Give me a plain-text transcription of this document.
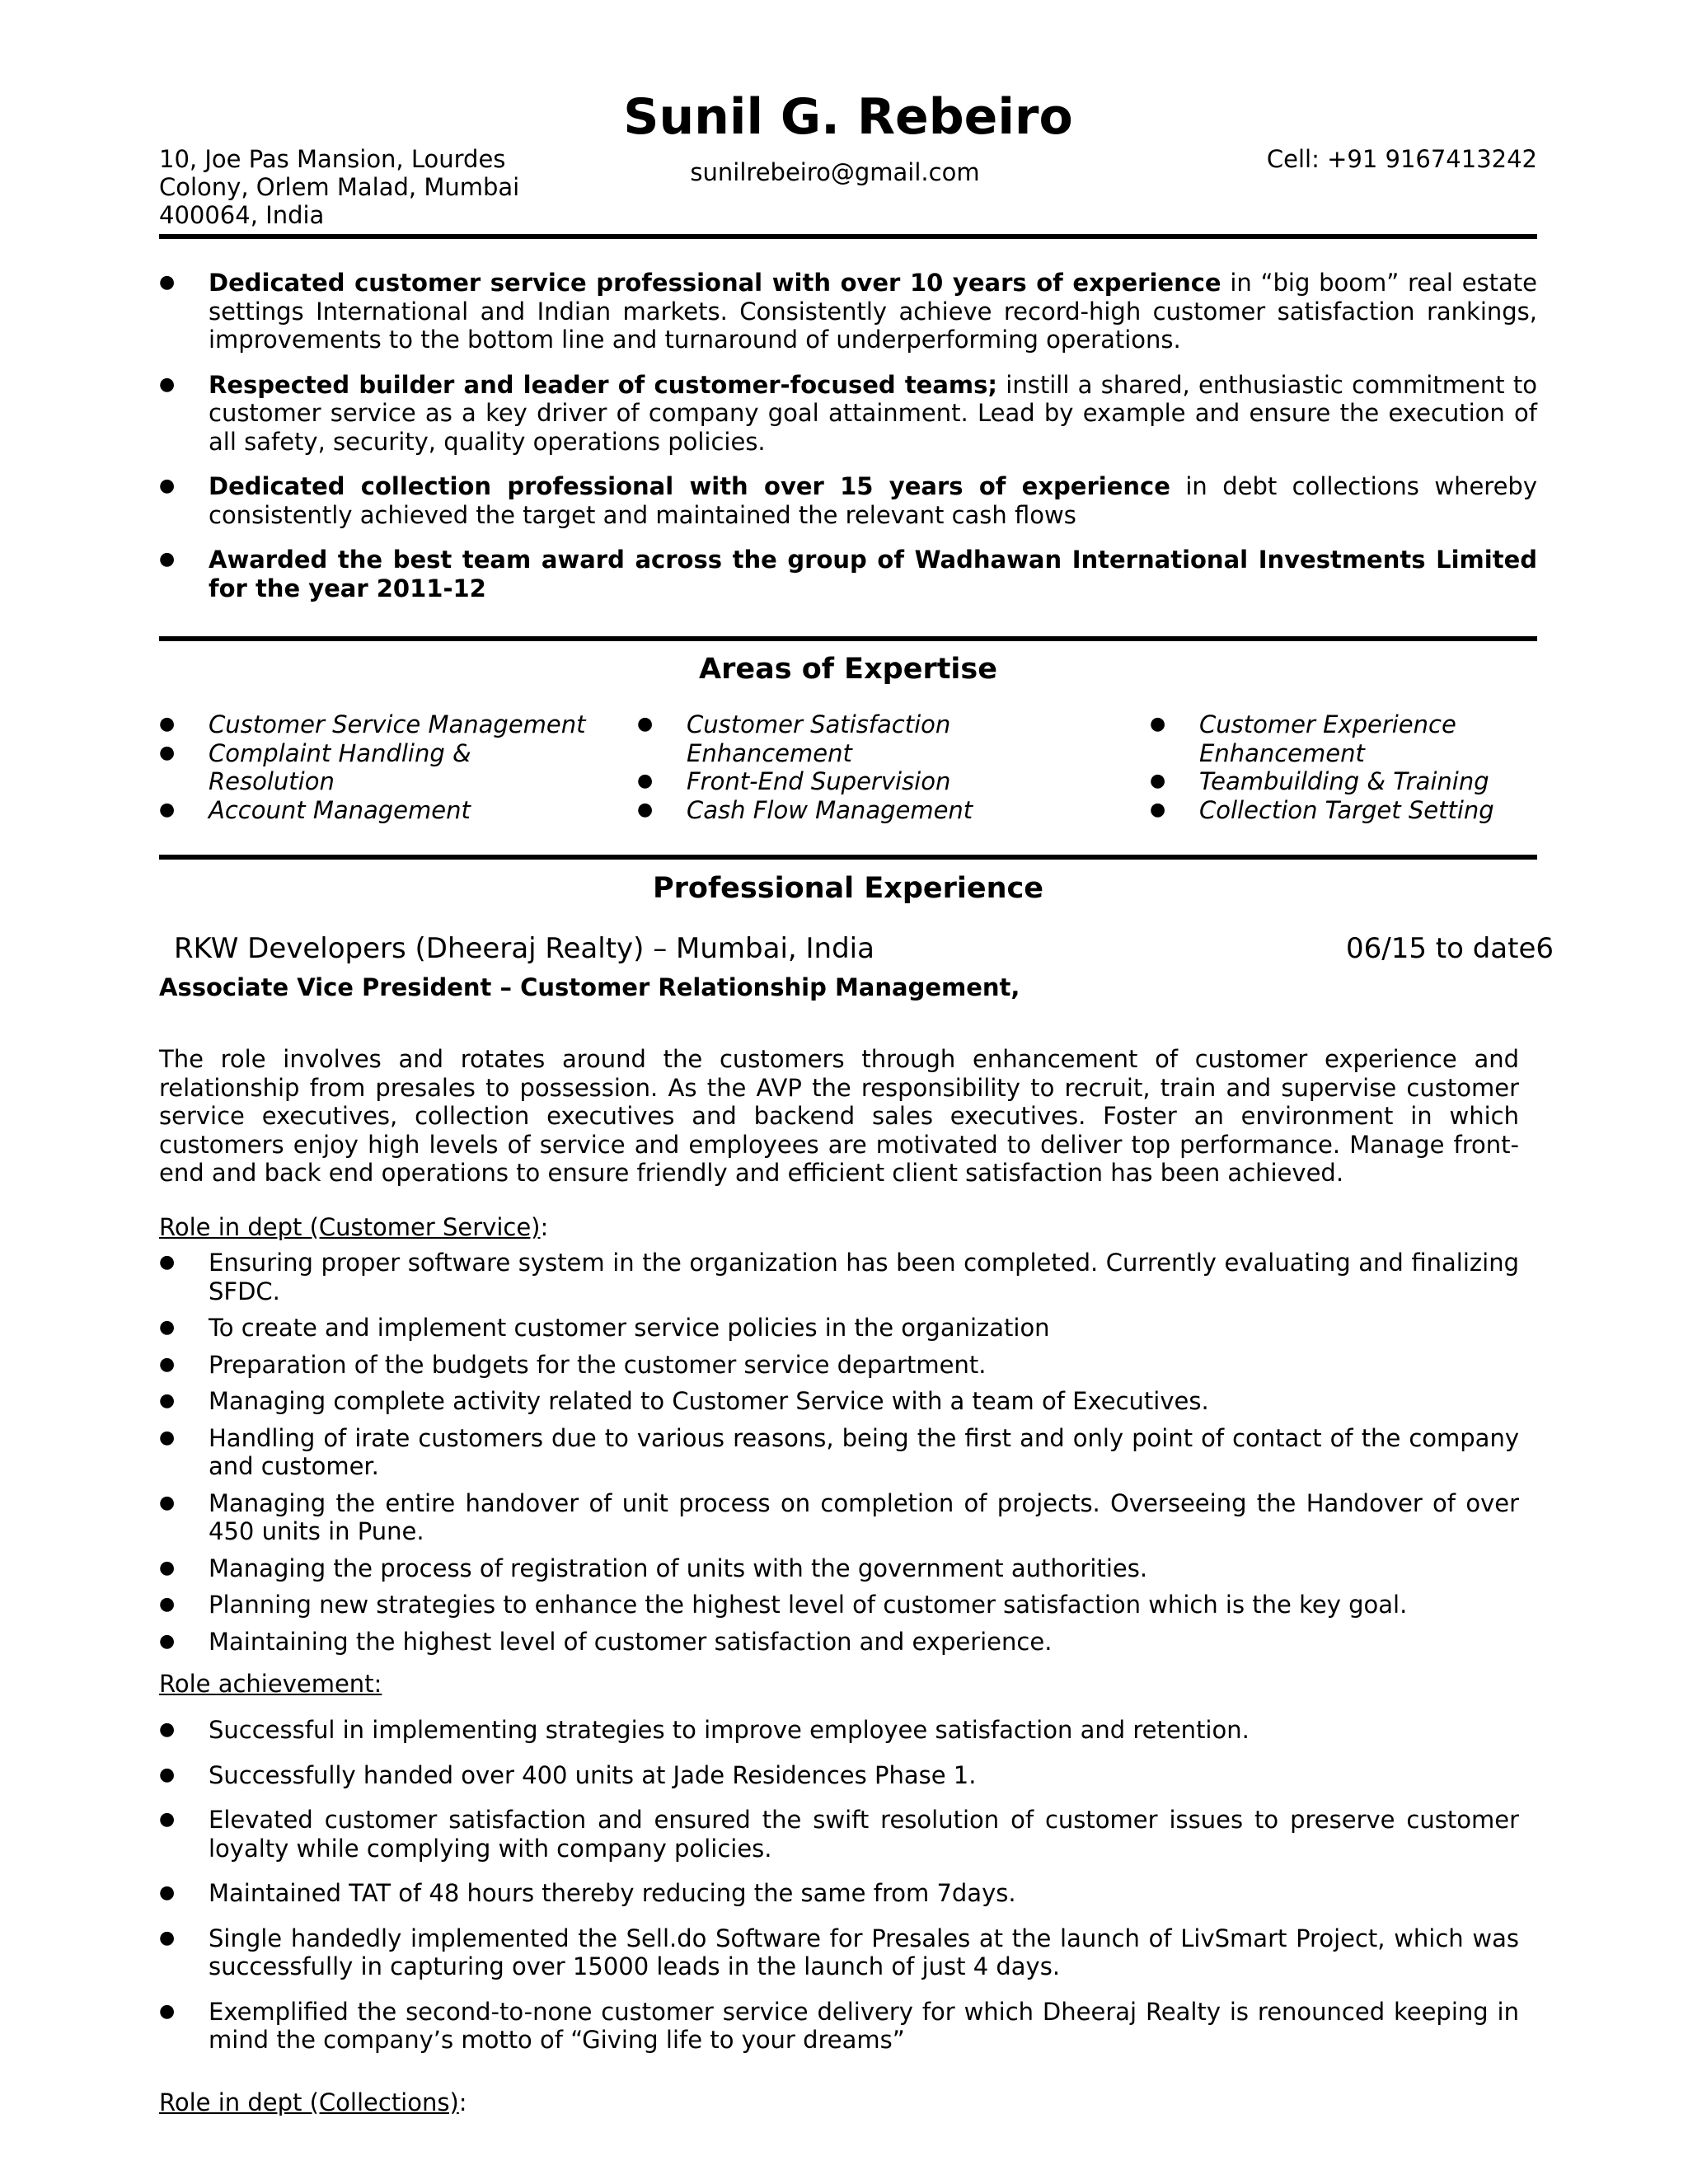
Sunil G. Rebeiro
10, Joe Pas Mansion, Lourdes
Colony, Orlem Malad, Mumbai
400064, India
sunilrebeiro@gmail.com	Cell: +91 9167413242
● Dedicated customer service professional with over 10 years of experience in “big boom” real estate settings International and Indian markets. Consistently achieve record-high customer satisfaction rankings, improvements to the bottom line and turnaround of underperforming operations.
● Respected builder and leader of customer-focused teams; instill a shared, enthusiastic commitment to customer service as a key driver of company goal attainment. Lead by example and ensure the execution of all safety, security, quality operations policies.
● Dedicated collection professional with over 15 years of experience in debt collections whereby consistently achieved the target and maintained the relevant cash flows
● Awarded the best team award across the group of Wadhawan International Investments Limited for the year 2011-12
Areas of Expertise
● Customer Service Management
● Complaint Handling & Resolution
● Account Management
● Customer Satisfaction Enhancement
● Front-End Supervision
● Cash Flow Management
● Customer Experience Enhancement
● Teambuilding & Training
● Collection Target Setting
Professional Experience
RKW Developers (Dheeraj Realty) – Mumbai, India	06/15 to date6
Associate Vice President – Customer Relationship Management,
The role involves and rotates around the customers through enhancement of customer experience and relationship from presales to possession. As the AVP the responsibility to recruit, train and supervise customer service executives, collection executives and backend sales executives. Foster an environment in which customers enjoy high levels of service and employees are motivated to deliver top performance. Manage front-end and back end operations to ensure friendly and efficient client satisfaction has been achieved.
Role in dept (Customer Service):
● Ensuring proper software system in the organization has been completed. Currently evaluating and finalizing SFDC.
● To create and implement customer service policies in the organization
● Preparation of the budgets for the customer service department.
● Managing complete activity related to Customer Service with a team of Executives.
● Handling of irate customers due to various reasons, being the first and only point of contact of the company and customer.
● Managing the entire handover of unit process on completion of projects. Overseeing the Handover of over 450 units in Pune.
● Managing the process of registration of units with the government authorities.
● Planning new strategies to enhance the highest level of customer satisfaction which is the key goal.
● Maintaining the highest level of customer satisfaction and experience.
Role achievement:
● Successful in implementing strategies to improve employee satisfaction and retention.
● Successfully handed over 400 units at Jade Residences Phase 1.
● Elevated customer satisfaction and ensured the swift resolution of customer issues to preserve customer loyalty while complying with company policies.
● Maintained TAT of 48 hours thereby reducing the same from 7days.
● Single handedly implemented the Sell.do Software for Presales at the launch of LivSmart Project, which was successfully in capturing over 15000 leads in the launch of just 4 days.
● Exemplified the second-to-none customer service delivery for which Dheeraj Realty is renounced keeping in mind the company’s motto of “Giving life to your dreams”
Role in dept (Collections):
